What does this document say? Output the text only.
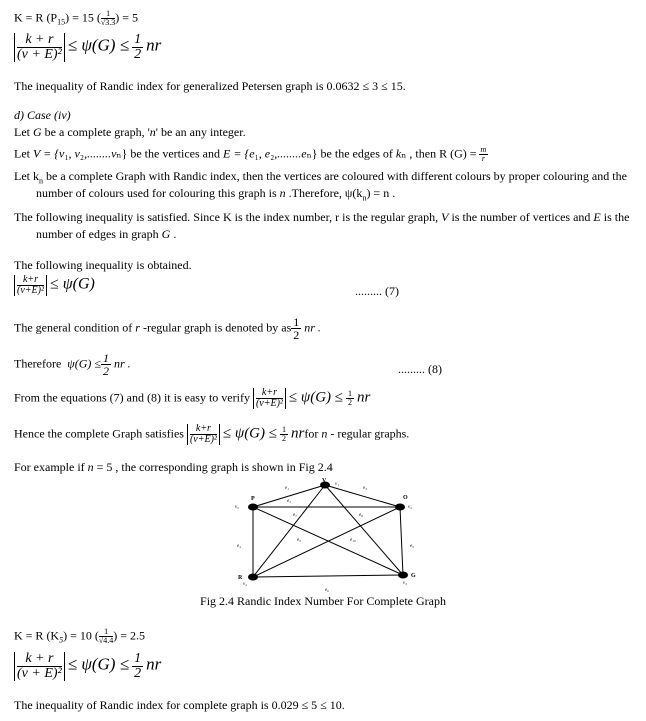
K = R $(P_{15}) = 15$ ( $\frac{1}{√3.3}$ ) = 5
$\frac{k + r}{\text{(v + E)²}} \le \psi(G) \le \frac{1}{2}$ nr
The inequality of Randic index for generalized Petersen graph is 0.0632 ≤ 3 ≤ 15.
d) Case (iv)
Let G be a complete graph, 'n' be an any integer.
Let V = {v₁, v₂,........vₙ} be the vertices and E = {e₁, e₂,........eₙ} be the edges of kₙ , then R $(G) = \frac{m}{r}$
Let $k_n$ be a complete Graph with Randic index, then the vertices are coloured with different colours by proper colouring and the
number of colours used for colouring this graph is n .Therefore, $\psi(k_n) = n$ .
The following inequality is satisfied. Since K is the index number, r is the regular graph, V is the number of vertices and E is the
number of edges in graph G .
The following inequality is obtained.
$\frac{k+r}{\text{(v+E)²}} \le \psi(G)$	......... (7)
The general condition of r -regular graph is denoted by as $\frac{1}{2}$ nr .
Therefore  $\psi(G) \le \frac{1}{2}$ nr .	......... (8)
From the equations (7) and (8) it is easy to verify $\frac{k+r}{\text{(v+E)²}} \le \psi(G) \le \frac{1}{2}$ nr
Hence the complete Graph satisfies $\frac{k+r}{\text{(v+E)²}} \le \psi(G) \le \frac{1}{2}$ nrfor n - regular graphs.
For example if n = 5 , the corresponding graph is shown in Fig 2.4
e₁
e₂
e₃
e₄	e₅
e₆
e₇	e₈
e₉	e₁₀
V
v₁
O
v₂
G
v₃
R
v₄
P
v₅
Fig 2.4 Randic Index Number For Complete Graph
K = R $(K_5) = 10$ ( $\frac{1}{√4.4}$ ) = 2.5
$\frac{k + r}{\text{(v + E)²}} \le \psi(G) \le \frac{1}{2}$ nr
The inequality of Randic index for complete graph is 0.029 ≤ 5 ≤ 10.
